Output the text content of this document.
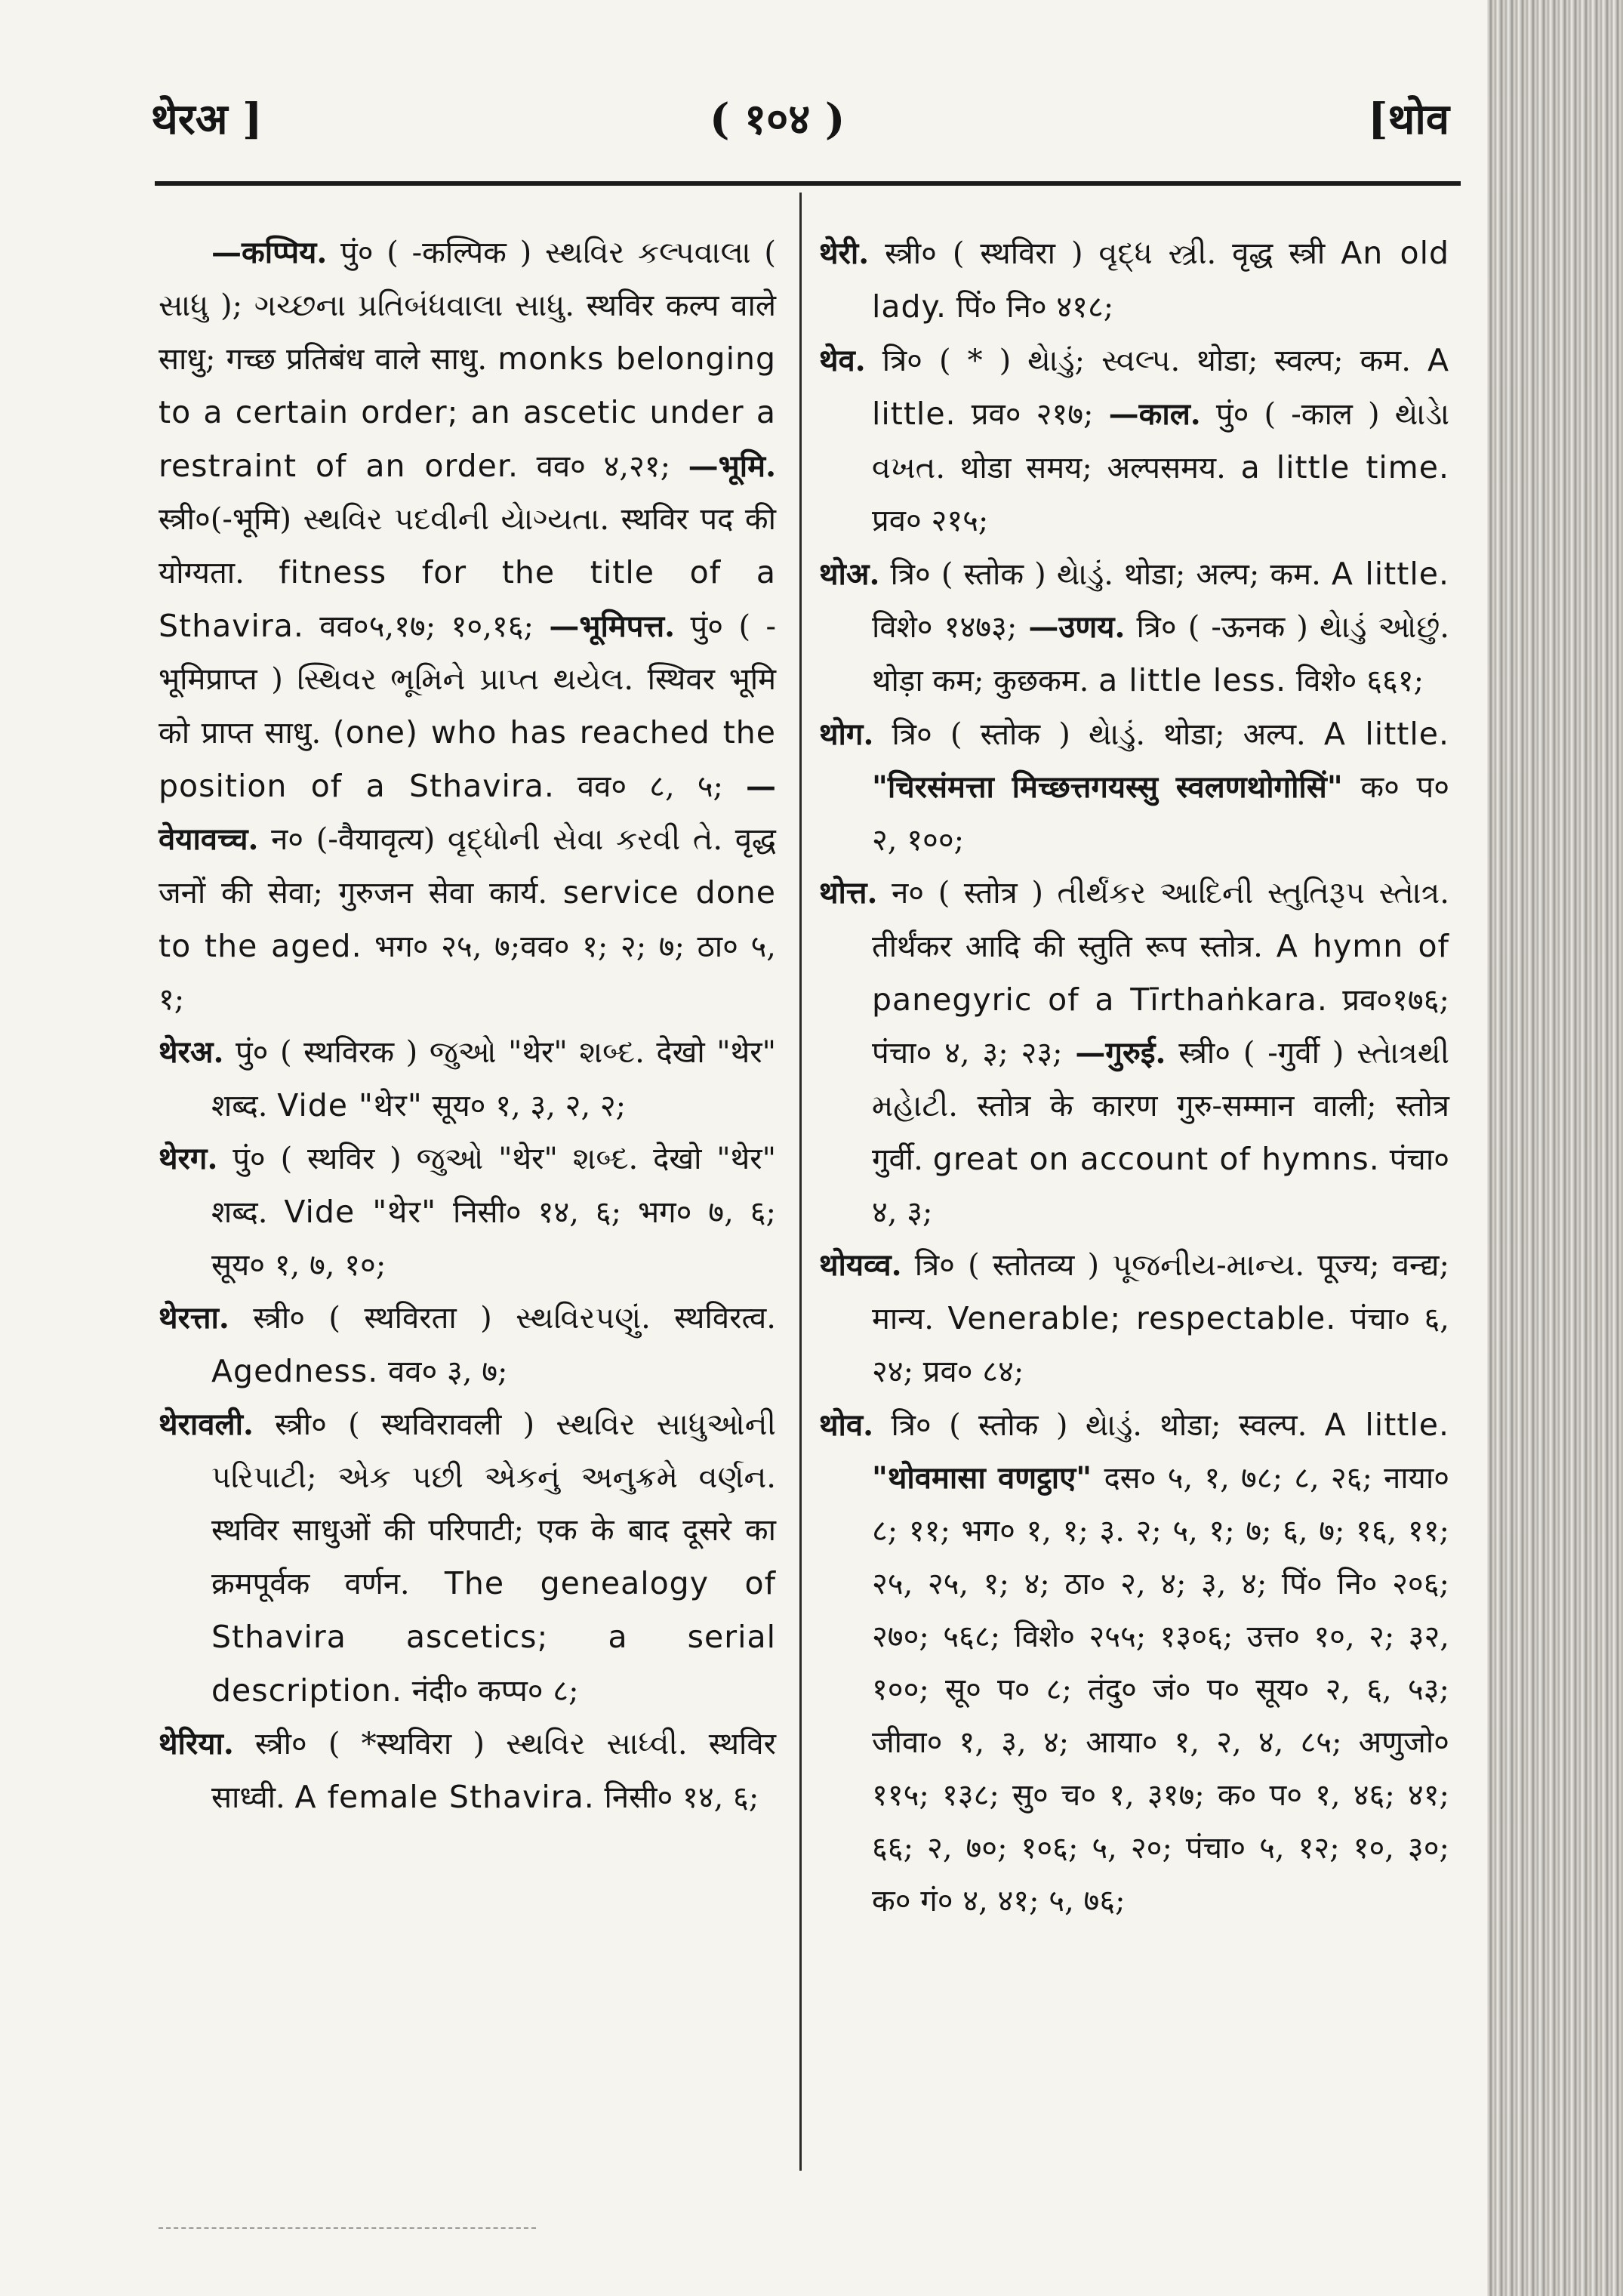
थेरअ ]	( १०४ )	[थोव

—कप्पिय. पुं० ( -कल्पिक ) સ્થવિર કલ્પવાલા ( સાધુ ); ગચ્છના પ્રતિબંધવાલા સાધુ. स्थविर कल्प वाले साधु; गच्छ प्रतिबंध वाले साधु. monks belonging to a certain order; an ascetic under a restraint of an order. वव० ४,२१; —भूमि. स्त्री०(-भूमि) સ્થવિર પદવીની યેાગ્યતા. स्थविर पद की योग्यता. fitness for the title of a Sthavira. वव०५,१७; १०,१६; —भूमिपत्त. पुं० ( -भूमिप्राप्त ) સ્થિવર ભૂમિને પ્રાપ્ત થયેલ. स्थिवर भूमि को प्राप्त साधु. (one) who has reached the position of a Sthavira. वव० ८, ५; —वेयावच्च. न० (-वैयावृत्य) વૃદ્ધોની સેવા કરવી તે. वृद्ध जनों की सेवा; गुरुजन सेवा कार्य. service done to the aged. भग० २५, ७;वव० १; २; ७; ठा० ५, १;

थेरअ. पुं० ( स्थविरक ) જુઓ "थेर" શબ્દ. देखो "थेर" शब्द. Vide "थेर" सूय० १, ३, २, २;

थेरग. पुं० ( स्थविर ) જુઓ "थेर" શબ્દ. देखो "थेर" शब्द. Vide "थेर" निसी० १४, ६; भग० ७, ६; सूय० १, ७, १०;

थेरत्ता. स्त्री० ( स्थविरता ) સ્થવિરપણું. स्थविरत्व. Agedness. वव० ३, ७;

थेरावली. स्त्री० ( स्थविरावली ) સ્થવિર સાધુઓની પરિપાટી; એક પછી એકનું અનુક્રમે વર્ણન. स्थविर साधुओं की परिपाटी; एक के बाद दूसरे का क्रमपूर्वक वर्णन. The genealogy of Sthavira ascetics; a serial description. नंदी० कप्प० ८;

थेरिया. स्त्री० ( *स्थविरा ) સ્થવિર સાધ્વી. स्थविर साध्वी. A female Sthavira. निसी० १४, ६;

थेरी. स्त्री० ( स्थविरा ) વૃદ્ધ સ્ત્રી. वृद्ध स्त्री An old lady. पिं० नि० ४१८;

थेव. त्रि० ( * ) થેાડું; સ્વલ્પ. थोडा; स्वल्प; कम. A little. प्रव० २१७; —काल. पुं० ( -काल ) થેાડેા વખત. थोडा समय; अल्पसमय. a little time. प्रव० २१५;

थोअ. त्रि० ( स्तोक ) થેાડું. थोडा; अल्प; कम. A little. विशे० १४७३; —उणय. त्रि० ( -ऊनक ) થેાડું ઓછું. थोड़ा कम; कुछकम. a little less. विशे० ६६१;

थोग. त्रि० ( स्तोक ) થેાડું. थोडा; अल्प. A little. "चिरसंमत्ता मिच्छत्तगयस्सु स्वलणथोगोसिं" क० प० २, १००;

थोत्त. न० ( स्तोत्र ) તીર્થંકર આદિની સ્તુતિરૂપ સ્તેાત્ર. तीर्थंकर आदि की स्तुति रूप स्तोत्र. A hymn of panegyric of a Tīrthaṅkara. प्रव०१७६; पंचा० ४, ३; २३; —गुरुई. स्त्री० ( -गुर्वी ) સ્તેાત્રથી મહેાટી. स्तोत्र के कारण गुरु-सम्मान वाली; स्तोत्र गुर्वी. great on account of hymns. पंचा० ४, ३;

थोयव्व. त्रि० ( स्तोतव्य ) પૂજનીય-માન્ય. पूज्य; वन्द्य; मान्य. Venerable; respectable. पंचा० ६, २४; प्रव० ८४;

थोव. त्रि० ( स्तोक ) થેાડું. थोडा; स्वल्प. A little. "थोवमासा वणट्ठाए" दस० ५, १, ७८; ८, २६; नाया० ८; ११; भग० १, १; ३. २; ५, १; ७; ६, ७; १६, ११; २५, २५, १; ४; ठा० २, ४; ३, ४; पिं० नि० २०६; २७०; ५६८; विशे० २५५; १३०६; उत्त० १०, २; ३२, १००; सू० प० ८; तंदु० जं० प० सूय० २, ६, ५३; जीवा० १, ३, ४; आया० १, २, ४, ८५; अणुजो० ११५; १३८; सु० च० १, ३१७; क० प० १, ४६; ४१; ६६; २, ७०; १०६; ५, २०; पंचा० ५, १२; १०, ३०; क० गं० ४, ४१; ५, ७६;
